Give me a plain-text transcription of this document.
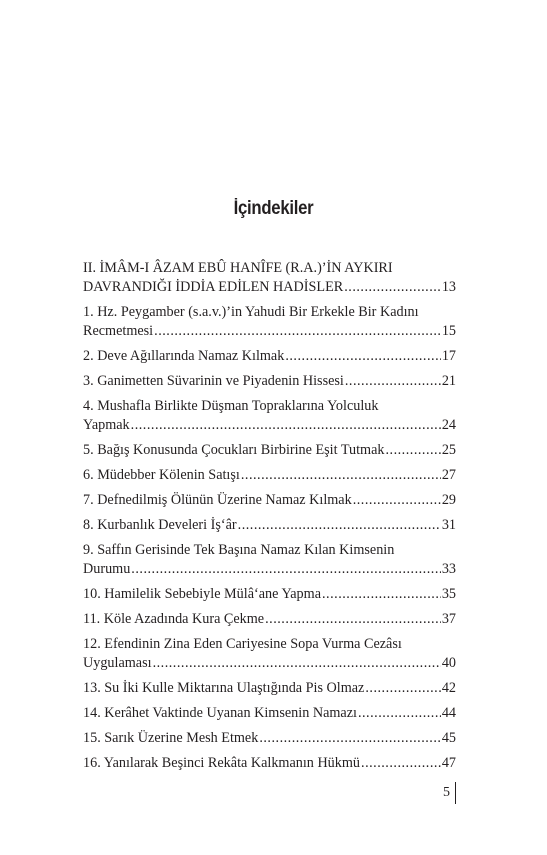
İçindekiler
II. İMÂM-I ÂZAM EBÛ HANÎFE (R.A.)’İN AYKIRI
DAVRANDIĞI İDDİA EDİLEN HADİSLER .....	13
1. Hz. Peygamber (s.a.v.)’in Yahudi Bir Erkekle Bir Kadını
Recmetmesi .....	15
2. Deve Ağıllarında Namaz Kılmak .....	17
3. Ganimetten Süvarinin ve Piyadenin Hissesi .....	21
4. Mushafla Birlikte Düşman Topraklarına Yolculuk
Yapmak .....	24
5. Bağış Konusunda Çocukları Birbirine Eşit Tutmak .....	25
6. Müdebber Kölenin Satışı .....	27
7. Defnedilmiş Ölünün Üzerine Namaz Kılmak .....	29
8. Kurbanlık Develeri İş‘âr .....	31
9. Saffın Gerisinde Tek Başına Namaz Kılan Kimsenin
Durumu .....	33
10. Hamilelik Sebebiyle Mülâ‘ane Yapma .....	35
11. Köle Azadında Kura Çekme .....	37
12. Efendinin Zina Eden Cariyesine Sopa Vurma Cezâsı
Uygulaması .....	40
13. Su İki Kulle Miktarına Ulaştığında Pis Olmaz .....	42
14. Kerâhet Vaktinde Uyanan Kimsenin Namazı .....	44
15. Sarık Üzerine Mesh Etmek .....	45
16. Yanılarak Beşinci Rekâta Kalkmanın Hükmü .....	47
5
